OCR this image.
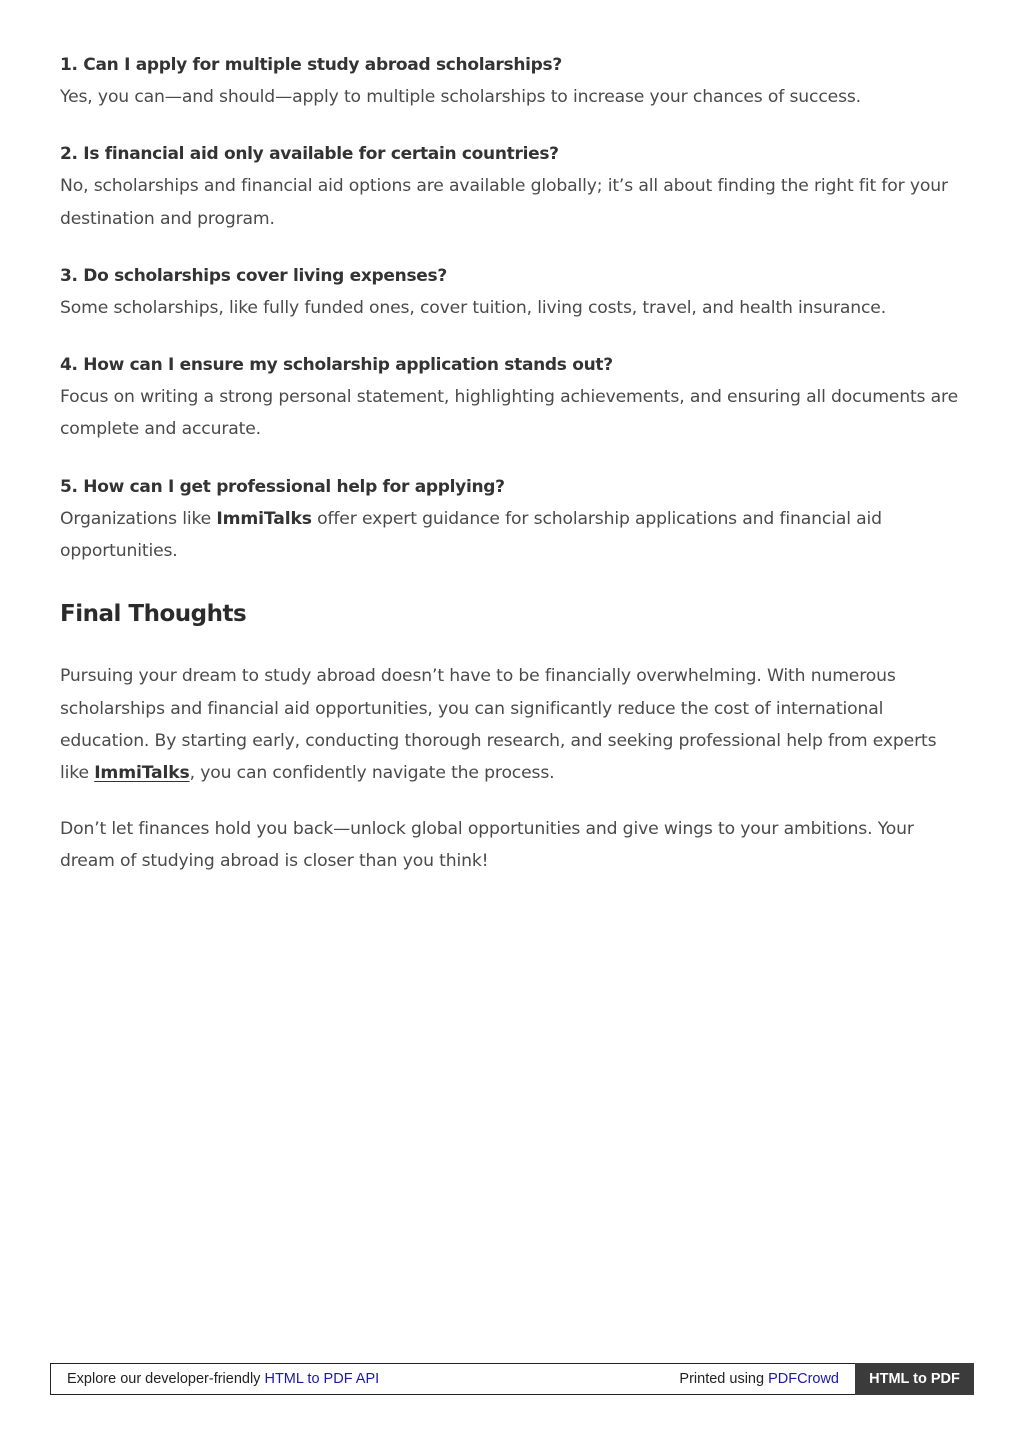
1. Can I apply for multiple study abroad scholarships?

Yes, you can—and should—apply to multiple scholarships to increase your chances of success.

2. Is financial aid only available for certain countries?

No, scholarships and financial aid options are available globally; it’s all about finding the right fit for your destination and program.

3. Do scholarships cover living expenses?

Some scholarships, like fully funded ones, cover tuition, living costs, travel, and health insurance.

4. How can I ensure my scholarship application stands out?

Focus on writing a strong personal statement, highlighting achievements, and ensuring all documents are complete and accurate.

5. How can I get professional help for applying?

Organizations like ImmiTalks offer expert guidance for scholarship applications and financial aid opportunities.

Final Thoughts

Pursuing your dream to study abroad doesn’t have to be financially overwhelming. With numerous scholarships and financial aid opportunities, you can significantly reduce the cost of international education. By starting early, conducting thorough research, and seeking professional help from experts like ImmiTalks, you can confidently navigate the process.

Don’t let finances hold you back—unlock global opportunities and give wings to your ambitions. Your dream of studying abroad is closer than you think!

Explore our developer-friendly HTML to PDF API	Printed using PDFCrowd	HTML to PDF
